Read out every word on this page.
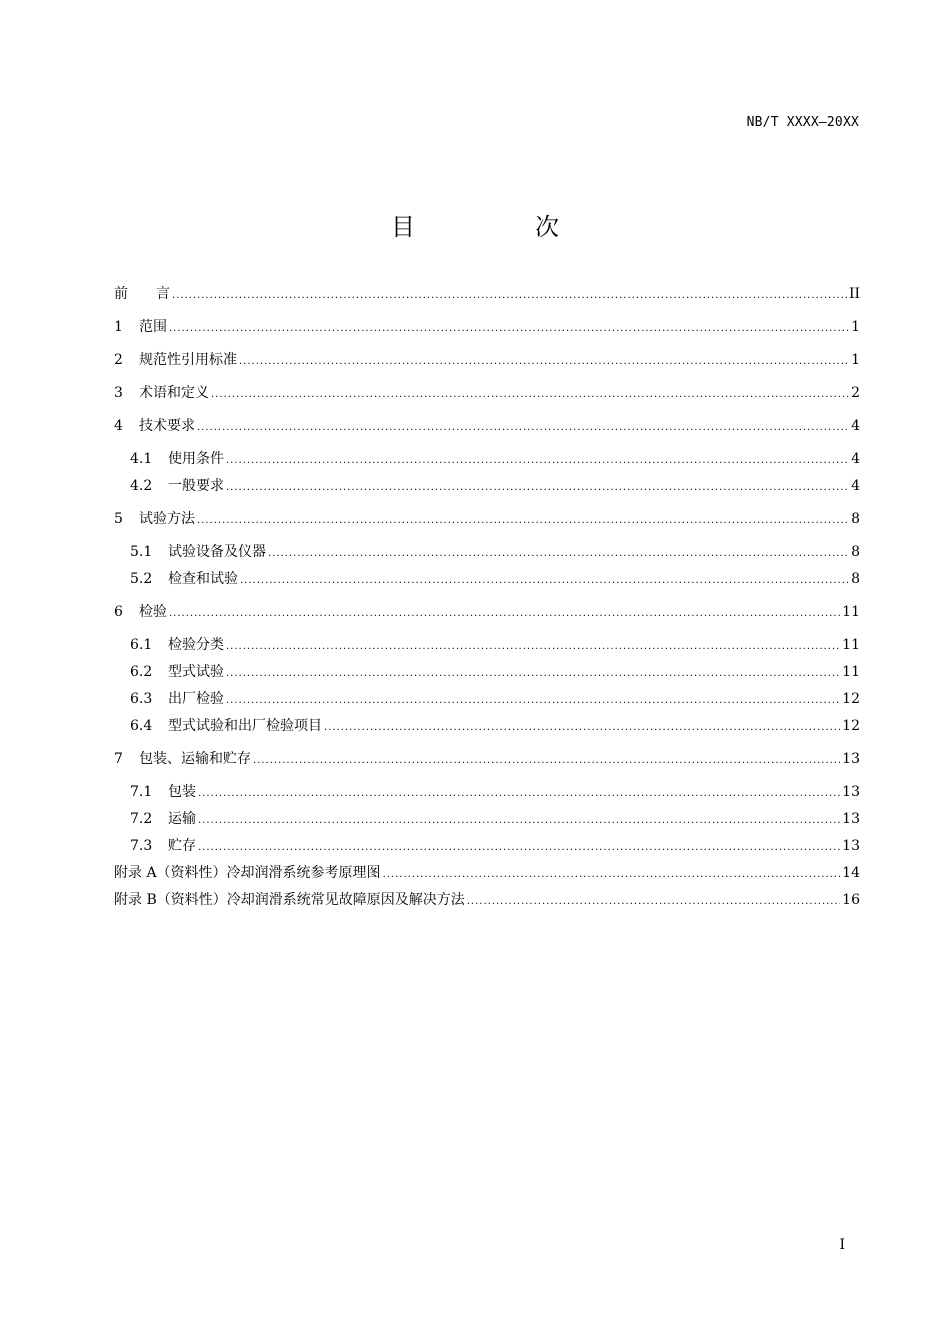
NB/T XXXX—20XX
目　次
前　　言 .....	II
1	范围 .....	1
2	规范性引用标准 .....	1
3	术语和定义 .....	2
4	技术要求 .....	4
4.1	使用条件 .....	4
4.2	一般要求 .....	4
5	试验方法 .....	8
5.1	试验设备及仪器 .....	8
5.2	检查和试验 .....	8
6	检验 .....	11
6.1	检验分类 .....	11
6.2	型式试验 .....	11
6.3	出厂检验 .....	12
6.4	型式试验和出厂检验项目 .....	12
7	包装、运输和贮存 .....	13
7.1	包装 .....	13
7.2	运输 .....	13
7.3	贮存 .....	13
附录 A（资料性）冷却润滑系统参考原理图 .....	14
附录 B（资料性）冷却润滑系统常见故障原因及解决方法 .....	16
I
